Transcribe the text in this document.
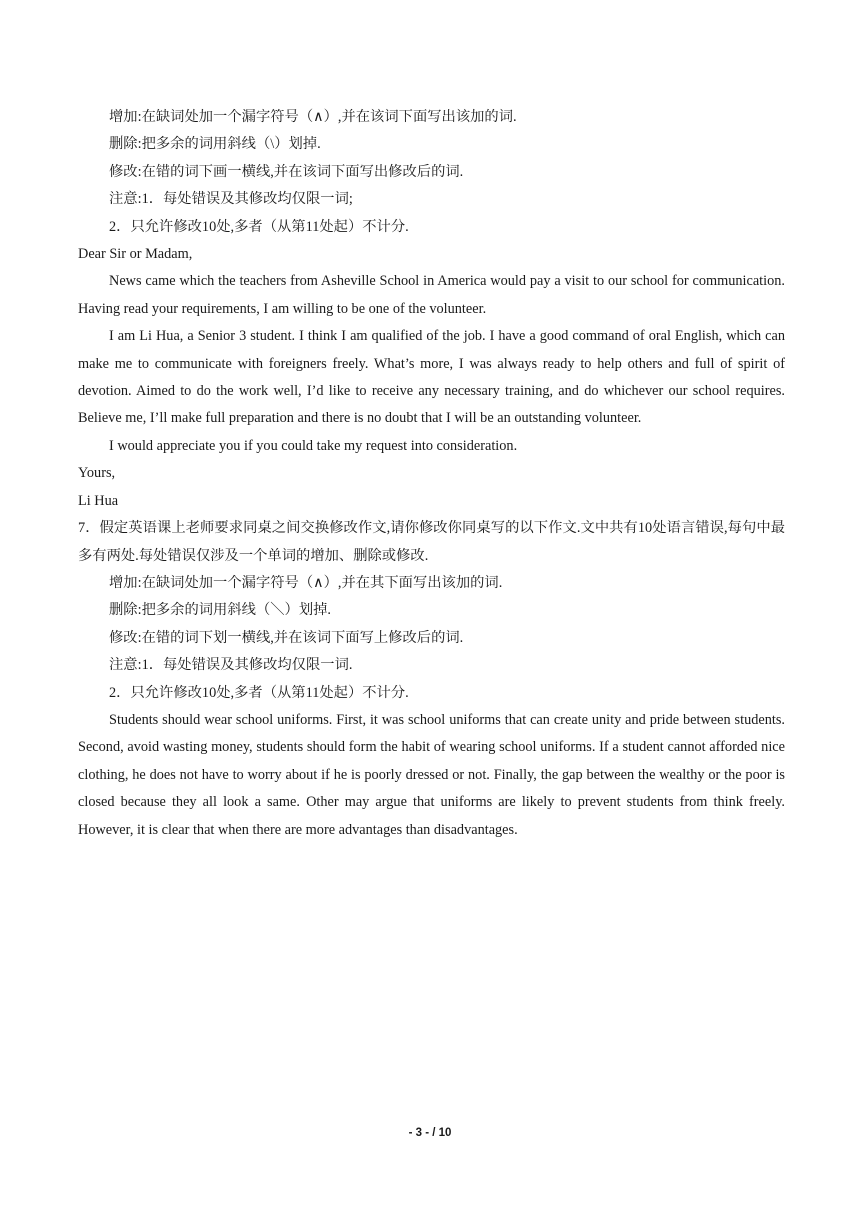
增加:在缺词处加一个漏字符号（∧）,并在该词下面写出该加的词.
删除:把多余的词用斜线（\）划掉.
修改:在错的词下画一横线,并在该词下面写出修改后的词.
注意:1．每处错误及其修改均仅限一词;
2．只允许修改10处,多者（从第11处起）不计分.
Dear Sir or Madam,
News came which the teachers from Asheville School in America would pay a visit to our school for communication. Having read your requirements, I am willing to be one of the volunteer.
I am Li Hua, a Senior 3 student. I think I am qualified of the job. I have a good command of oral English, which can make me to communicate with foreigners freely. What’s more, I was always ready to help others and full of spirit of devotion. Aimed to do the work well, I’d like to receive any necessary training, and do whichever our school requires. Believe me, I’ll make full preparation and there is no doubt that I will be an outstanding volunteer.
I would appreciate you if you could take my request into consideration.
Yours,
Li Hua
7．假定英语课上老师要求同桌之间交换修改作文,请你修改你同桌写的以下作文.文中共有10处语言错误,每句中最多有两处.每处错误仅涉及一个单词的增加、删除或修改.
增加:在缺词处加一个漏字符号（∧）,并在其下面写出该加的词.
删除:把多余的词用斜线（＼）划掉.
修改:在错的词下划一横线,并在该词下面写上修改后的词.
注意:1．每处错误及其修改均仅限一词.
2．只允许修改10处,多者（从第11处起）不计分.
Students should wear school uniforms. First, it was school uniforms that can create unity and pride between students. Second, avoid wasting money, students should form the habit of wearing school uniforms. If a student cannot afforded nice clothing, he does not have to worry about if he is poorly dressed or not. Finally, the gap between the wealthy or the poor is closed because they all look a same. Other may argue that uniforms are likely to prevent students from think freely. However, it is clear that when there are more advantages than disadvantages.
- 3 - / 10
